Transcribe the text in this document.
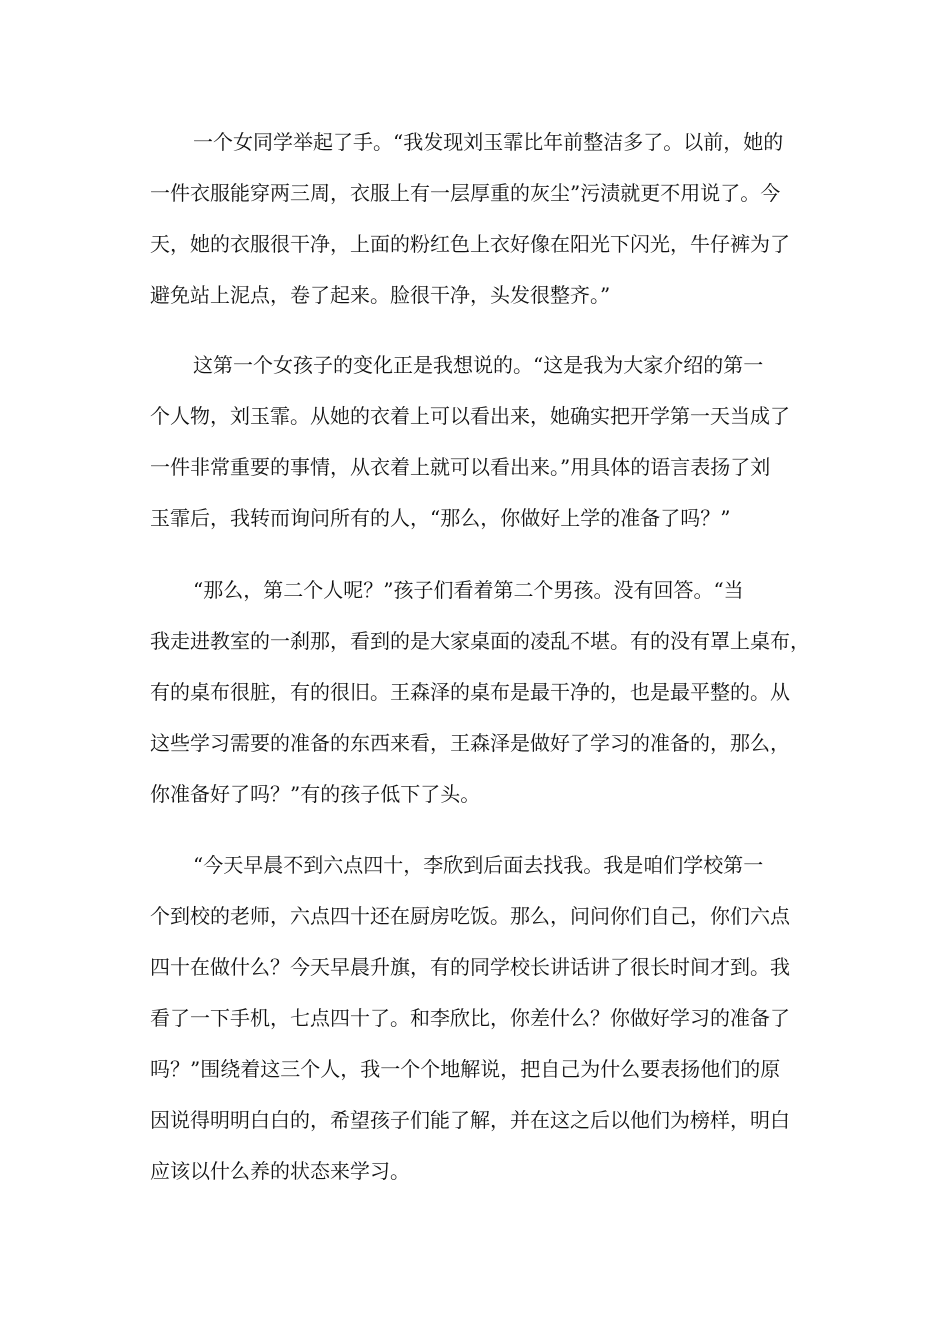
一个女同学举起了手。“我发现刘玉霏比年前整洁多了。以前，她的
一件衣服能穿两三周，衣服上有一层厚重的灰尘”污渍就更不用说了。今
天，她的衣服很干净，上面的粉红色上衣好像在阳光下闪光，牛仔裤为了
避免站上泥点，卷了起来。脸很干净，头发很整齐。”
这第一个女孩子的变化正是我想说的。“这是我为大家介绍的第一
个人物，刘玉霏。从她的衣着上可以看出来，她确实把开学第一天当成了
一件非常重要的事情，从衣着上就可以看出来。”用具体的语言表扬了刘
玉霏后，我转而询问所有的人，“那么，你做好上学的准备了吗？”
“那么，第二个人呢？”孩子们看着第二个男孩。没有回答。“当
我走进教室的一刹那，看到的是大家桌面的凌乱不堪。有的没有罩上桌布，
有的桌布很脏，有的很旧。王森泽的桌布是最干净的，也是最平整的。从
这些学习需要的准备的东西来看，王森泽是做好了学习的准备的，那么，
你准备好了吗？”有的孩子低下了头。
“今天早晨不到六点四十，李欣到后面去找我。我是咱们学校第一
个到校的老师，六点四十还在厨房吃饭。那么，问问你们自己，你们六点
四十在做什么？今天早晨升旗，有的同学校长讲话讲了很长时间才到。我
看了一下手机，七点四十了。和李欣比，你差什么？你做好学习的准备了
吗？”围绕着这三个人，我一个个地解说，把自己为什么要表扬他们的原
因说得明明白白的，希望孩子们能了解，并在这之后以他们为榜样，明白
应该以什么养的状态来学习。
